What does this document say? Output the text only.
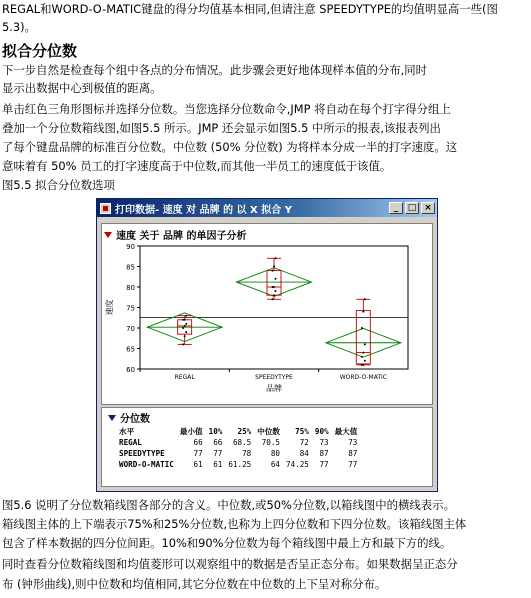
REGAL和WORD-O-MATIC键盘的得分均值基本相同,但请注意 SPEEDYTYPE的均值明显高一些(图
5.3)。
拟合分位数
下一步自然是检查每个组中各点的分布情况。此步骤会更好地体现样本值的分布,同时
显示出数据中心到极值的距离。
单击红色三角形图标并选择分位数。当您选择分位数命令,JMP 将自动在每个打字得分组上
叠加一个分位数箱线图,如图5.5 所示。JMP 还会显示如图5.5 中所示的报表,该报表列出
了每个键盘品牌的标准百分位数。中位数 (50% 分位数) 为将样本分成一半的打字速度。这
意味着有 50% 员工的打字速度高于中位数,而其他一半员工的速度低于该值。
图5.5 拟合分位数选项
打印数据- 速度 对 品牌 的 以 X 拟合 Y	_	□ ×
速度 关于 品牌 的单因子分析
60
65
70
75
80
85
90
速度
品牌
REGAL	SPEEDYTYPE	WORD-O-MATIC
分位数
水平	最小值	10%	25%	中位数	75%	90%	最大值
REGAL	66	66	68.5	70.5	72	73	73
SPEEDYTYPE	77	77	78	80	84	87	87
WORD-O-MATIC	61	61	61.25	64	74.25	77	77
图5.6 说明了分位数箱线图各部分的含义。中位数,或50%分位数,以箱线图中的横线表示。
箱线图主体的上下端表示75%和25%分位数,也称为上四分位数和下四分位数。该箱线图主体
包含了样本数据的四分位间距。10%和90%分位数为每个箱线图中最上方和最下方的线。
同时查看分位数箱线图和均值菱形可以观察组中的数据是否呈正态分布。如果数据呈正态分
布 (钟形曲线),则中位数和均值相同,其它分位数在中位数的上下呈对称分布。
